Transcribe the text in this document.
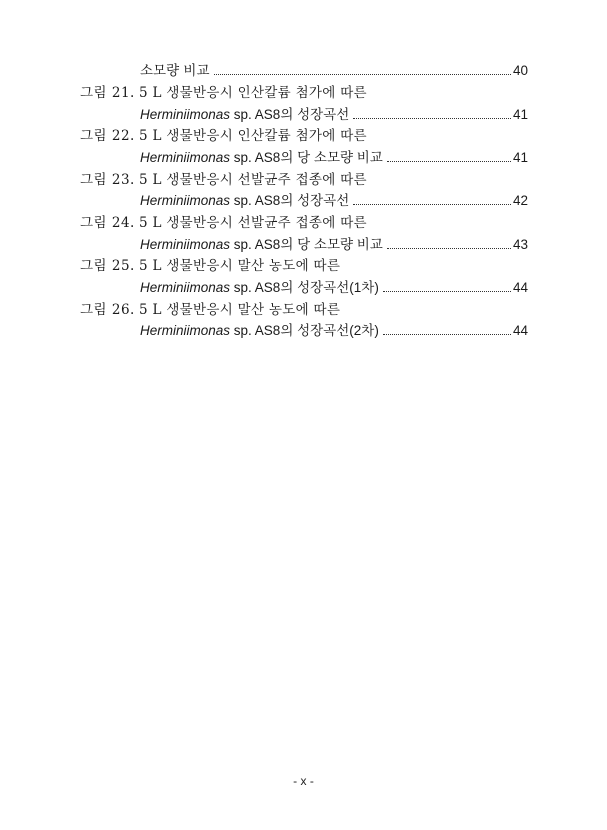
소모량 비교	40
그림 21. 5 L 생물반응시 인산칼륨 첨가에 따른
Herminiimonas sp. AS8의 성장곡선	41
그림 22. 5 L 생물반응시 인산칼륨 첨가에 따른
Herminiimonas sp. AS8의 당 소모량 비교	41
그림 23. 5 L 생물반응시 선발균주 접종에 따른
Herminiimonas sp. AS8의 성장곡선	42
그림 24. 5 L 생물반응시 선발균주 접종에 따른
Herminiimonas sp. AS8의 당 소모량 비교	43
그림 25. 5 L 생물반응시 말산 농도에 따른
Herminiimonas sp. AS8의 성장곡선(1차)	44
그림 26. 5 L 생물반응시 말산 농도에 따른
Herminiimonas sp. AS8의 성장곡선(2차)	44
- x -
